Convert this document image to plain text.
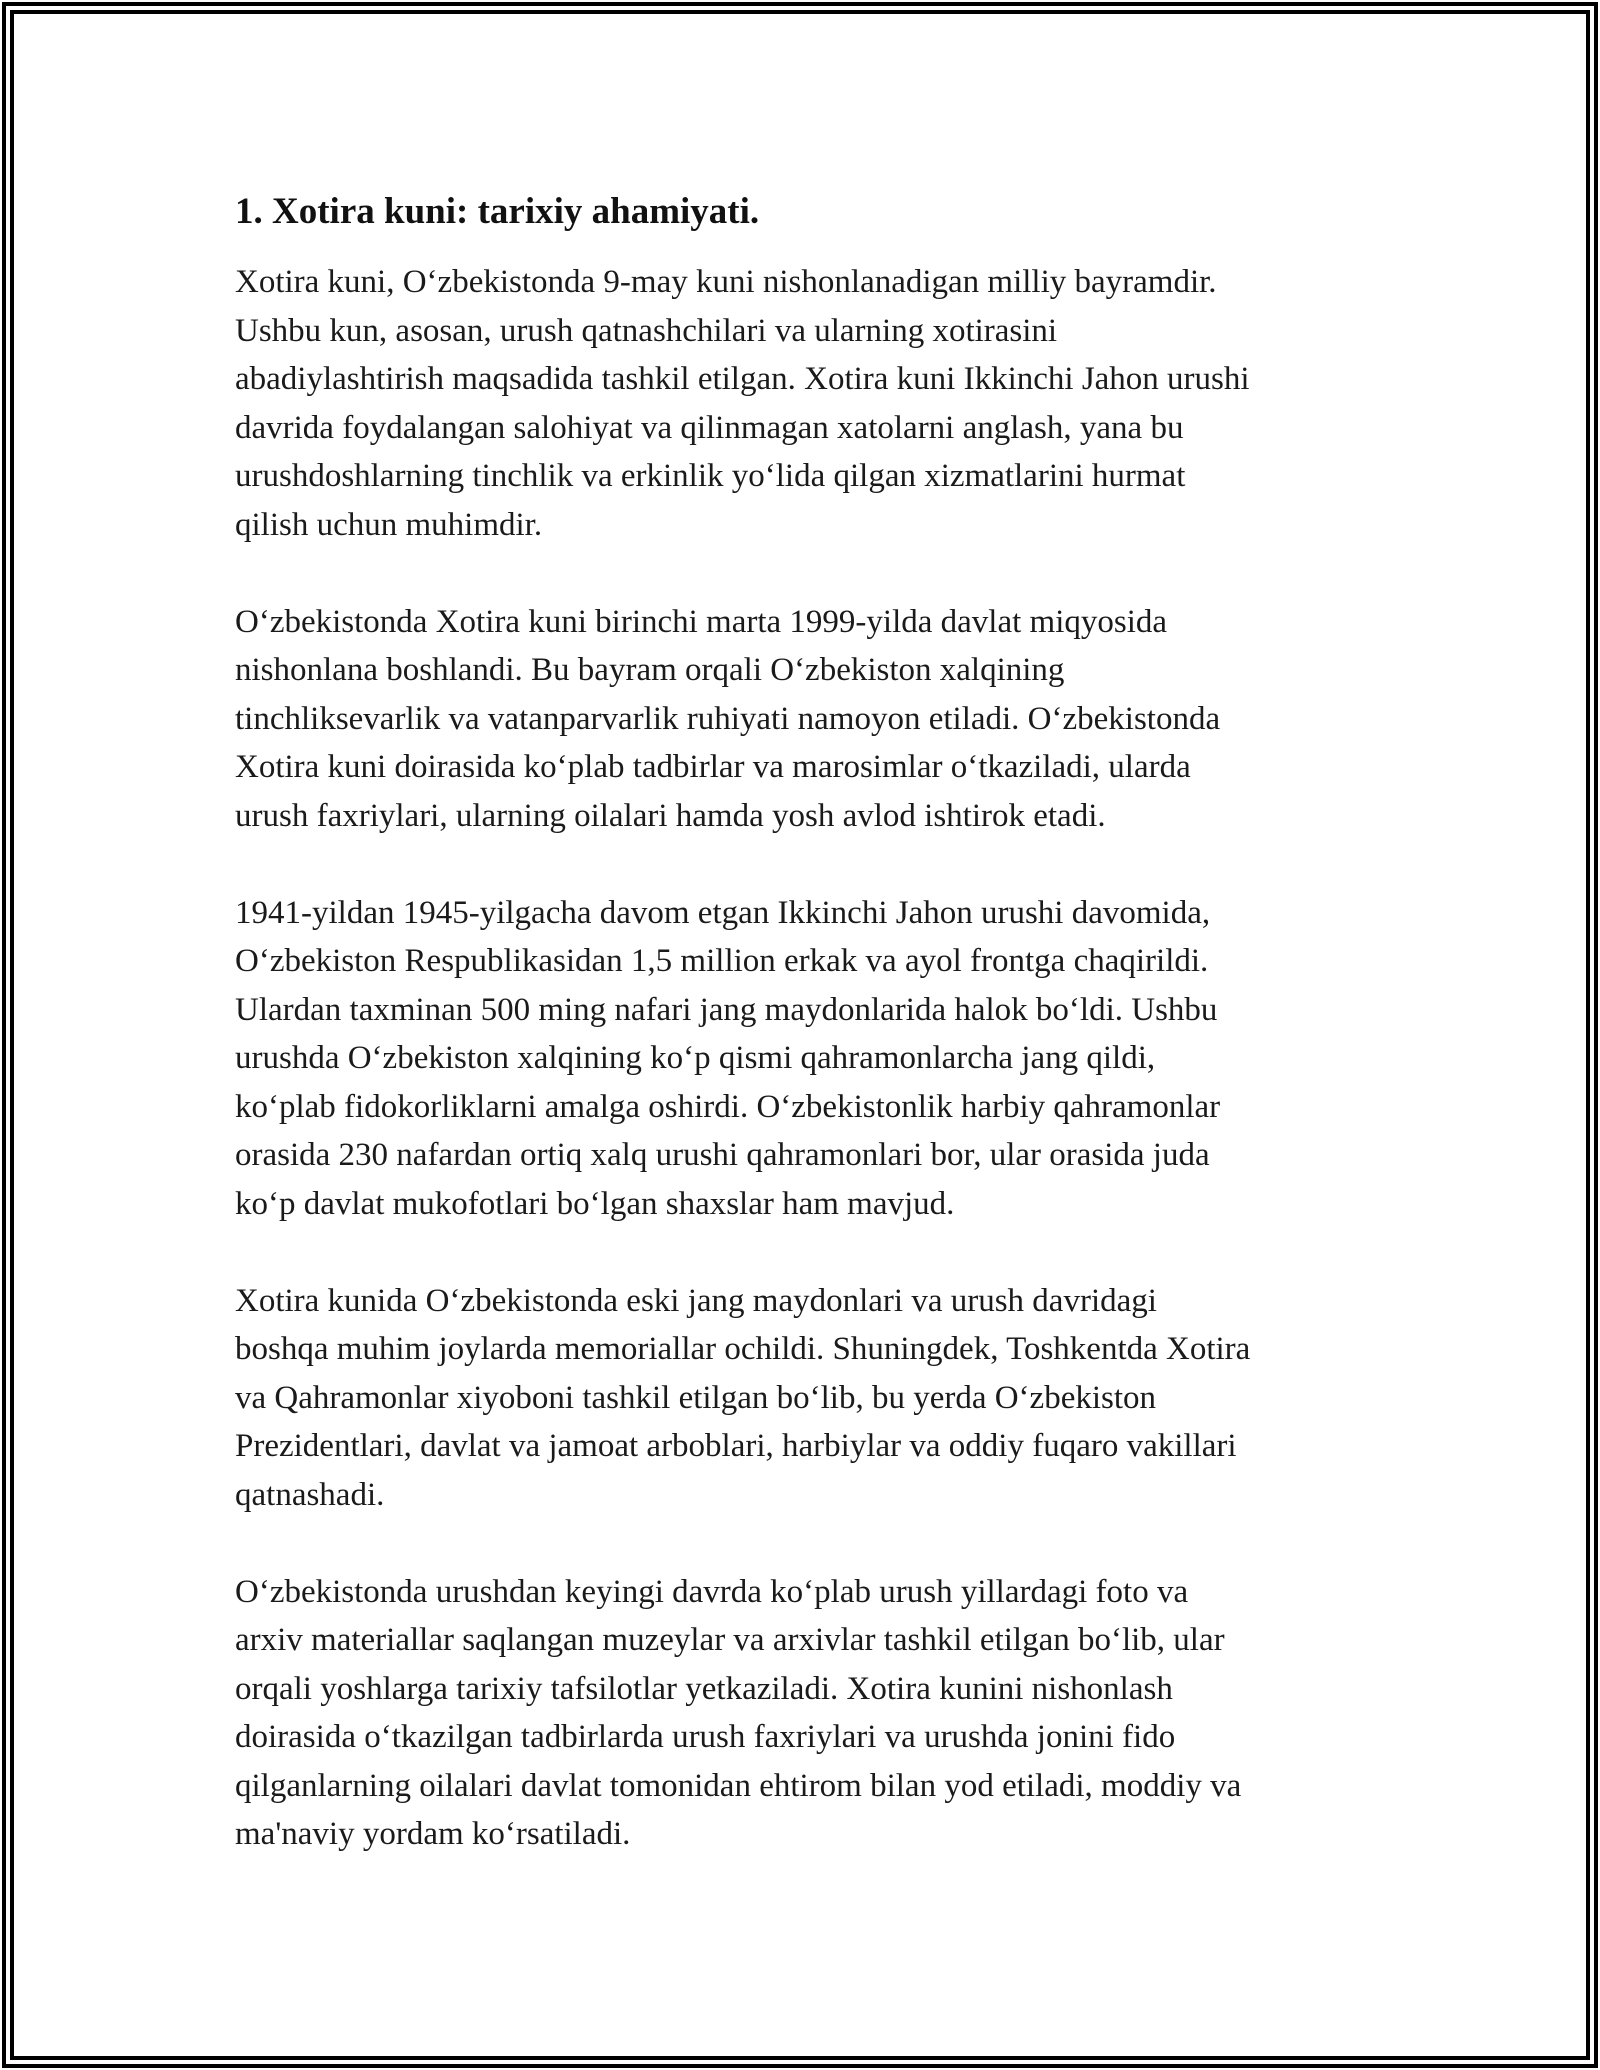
1. Xotira kuni: tarixiy ahamiyati.

Xotira kuni, O‘zbekistonda 9-may kuni nishonlanadigan milliy bayramdir.
Ushbu kun, asosan, urush qatnashchilari va ularning xotirasini
abadiylashtirish maqsadida tashkil etilgan. Xotira kuni Ikkinchi Jahon urushi
davrida foydalangan salohiyat va qilinmagan xatolarni anglash, yana bu
urushdoshlarning tinchlik va erkinlik yo‘lida qilgan xizmatlarini hurmat
qilish uchun muhimdir.

O‘zbekistonda Xotira kuni birinchi marta 1999-yilda davlat miqyosida
nishonlana boshlandi. Bu bayram orqali O‘zbekiston xalqining
tinchliksevarlik va vatanparvarlik ruhiyati namoyon etiladi. O‘zbekistonda
Xotira kuni doirasida ko‘plab tadbirlar va marosimlar o‘tkaziladi, ularda
urush faxriylari, ularning oilalari hamda yosh avlod ishtirok etadi.

1941-yildan 1945-yilgacha davom etgan Ikkinchi Jahon urushi davomida,
O‘zbekiston Respublikasidan 1,5 million erkak va ayol frontga chaqirildi.
Ulardan taxminan 500 ming nafari jang maydonlarida halok bo‘ldi. Ushbu
urushda O‘zbekiston xalqining ko‘p qismi qahramonlarcha jang qildi,
ko‘plab fidokorliklarni amalga oshirdi. O‘zbekistonlik harbiy qahramonlar
orasida 230 nafardan ortiq xalq urushi qahramonlari bor, ular orasida juda
ko‘p davlat mukofotlari bo‘lgan shaxslar ham mavjud.

Xotira kunida O‘zbekistonda eski jang maydonlari va urush davridagi
boshqa muhim joylarda memoriallar ochildi. Shuningdek, Toshkentda Xotira
va Qahramonlar xiyoboni tashkil etilgan bo‘lib, bu yerda O‘zbekiston
Prezidentlari, davlat va jamoat arboblari, harbiylar va oddiy fuqaro vakillari
qatnashadi.

O‘zbekistonda urushdan keyingi davrda ko‘plab urush yillardagi foto va
arxiv materiallar saqlangan muzeylar va arxivlar tashkil etilgan bo‘lib, ular
orqali yoshlarga tarixiy tafsilotlar yetkaziladi. Xotira kunini nishonlash
doirasida o‘tkazilgan tadbirlarda urush faxriylari va urushda jonini fido
qilganlarning oilalari davlat tomonidan ehtirom bilan yod etiladi, moddiy va
ma'naviy yordam ko‘rsatiladi.
